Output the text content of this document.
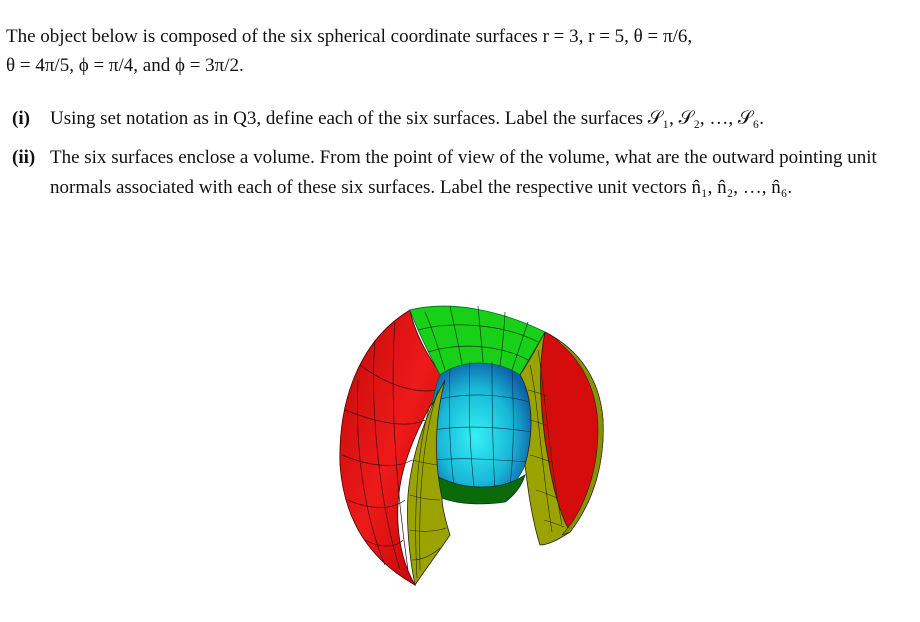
The object below is composed of the six spherical coordinate surfaces r = 3, r = 5, θ = π/6,
θ = 4π/5, ϕ = π/4, and ϕ = 3π/2.
(i) Using set notation as in Q3, define each of the six surfaces. Label the surfaces 𝒮₁, 𝒮₂, …, 𝒮₆.
(ii) The six surfaces enclose a volume. From the point of view of the volume, what are the outward pointing unit normals associated with each of these six surfaces. Label the respective unit vectors n̂₁, n̂₂, …, n̂₆.
